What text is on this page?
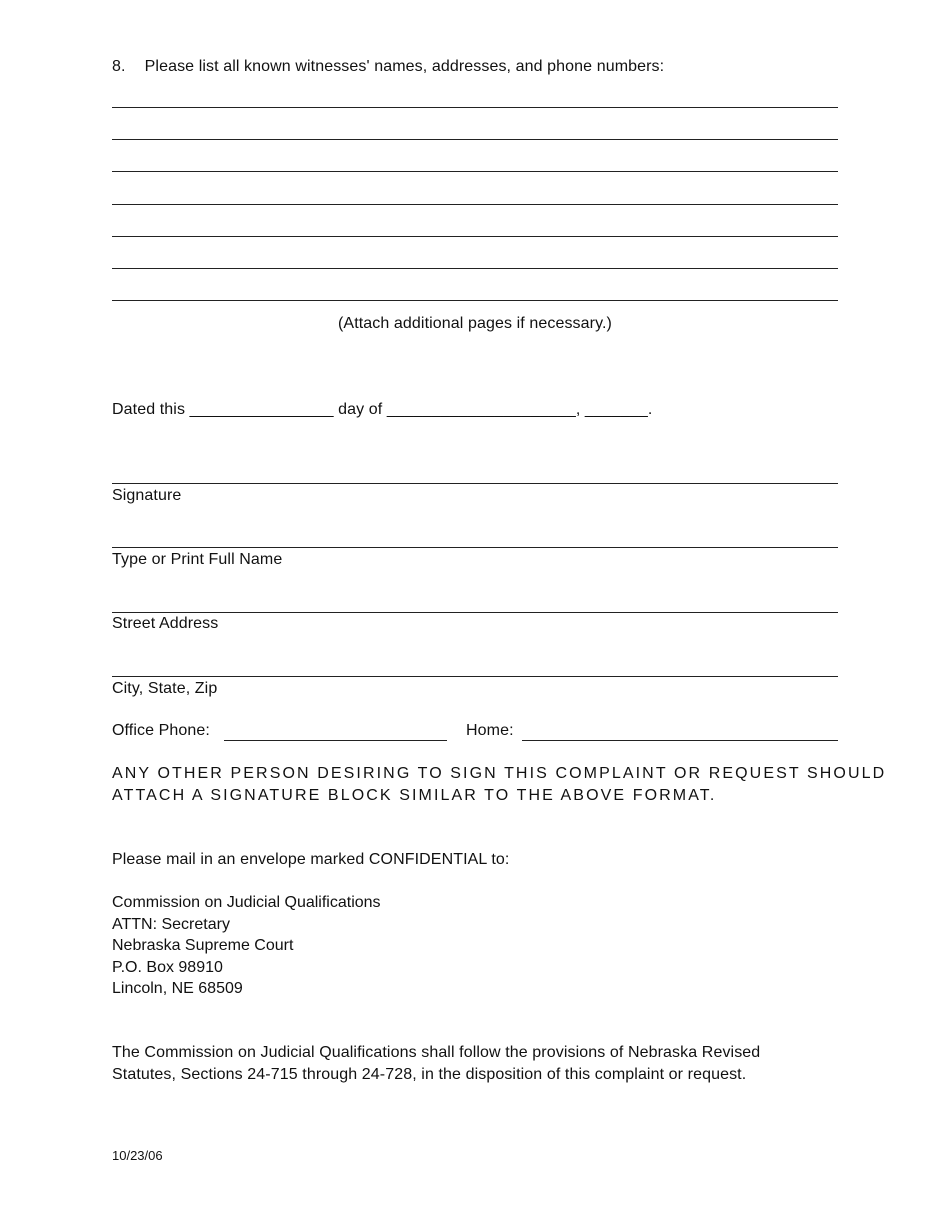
8. Please list all known witnesses' names, addresses, and phone numbers:
(Attach additional pages if necessary.)
Dated this ________________ day of _____________________, _______.
Signature
Type or Print Full Name
Street Address
City, State, Zip
Office Phone:	Home:
ANY OTHER PERSON DESIRING TO SIGN THIS COMPLAINT OR REQUEST SHOULD
ATTACH A SIGNATURE BLOCK SIMILAR TO THE ABOVE FORMAT.
Please mail in an envelope marked CONFIDENTIAL to:
Commission on Judicial Qualifications
ATTN: Secretary
Nebraska Supreme Court
P.O. Box 98910
Lincoln, NE 68509
The Commission on Judicial Qualifications shall follow the provisions of Nebraska Revised
Statutes, Sections 24-715 through 24-728, in the disposition of this complaint or request.
10/23/06
